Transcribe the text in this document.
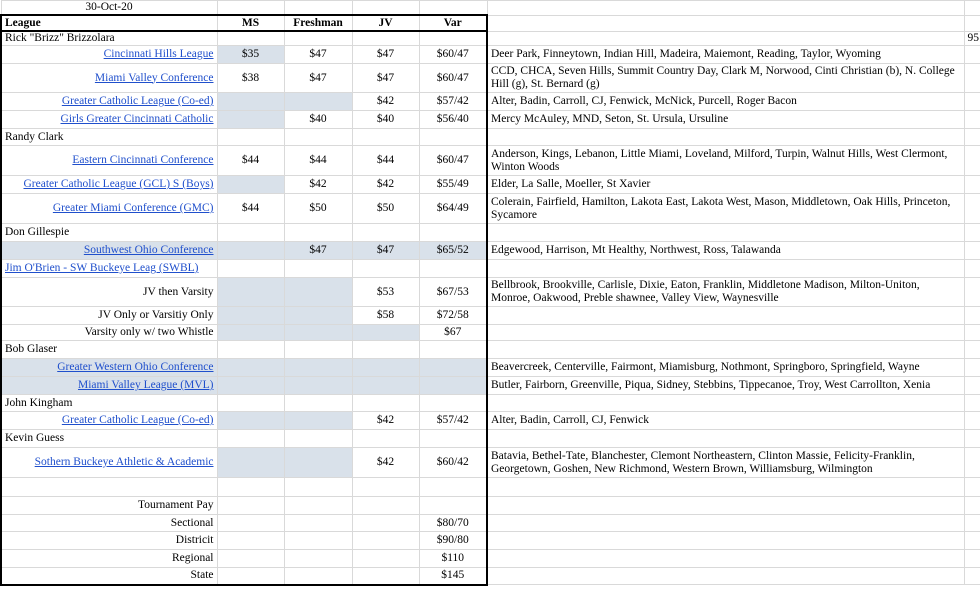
30-Oct-20						
League	MS	Freshman	JV	Var		
Rick "Brizz" Brizzolara						95
Cincinnati Hills League	$35	$47	$47	$60/47	Deer Park, Finneytown, Indian Hill, Madeira, Maiemont, Reading, Taylor, Wyoming	
Miami Valley Conference	$38	$47	$47	$60/47	CCD, CHCA, Seven Hills, Summit Country Day, Clark M, Norwood, Cinti Christian (b), N. College Hill (g), St. Bernard (g)	
Greater Catholic League (Co-ed)			$42	$57/42	Alter, Badin, Carroll, CJ, Fenwick, McNick, Purcell, Roger Bacon	
Girls Greater Cincinnati Catholic		$40	$40	$56/40	Mercy McAuley, MND, Seton, St. Ursula, Ursuline	
Randy Clark						
Eastern Cincinnati Conference	$44	$44	$44	$60/47	Anderson, Kings, Lebanon, Little Miami, Loveland, Milford, Turpin, Walnut Hills, West Clermont, Winton Woods	
Greater Catholic League (GCL) S (Boys)		$42	$42	$55/49	Elder, La Salle, Moeller, St Xavier	
Greater Miami Conference (GMC)	$44	$50	$50	$64/49	Colerain, Fairfield, Hamilton, Lakota East, Lakota West, Mason, Middletown, Oak Hills, Princeton, Sycamore	
Don Gillespie						
Southwest Ohio Conference		$47	$47	$65/52	Edgewood, Harrison, Mt Healthy, Northwest, Ross, Talawanda	
Jim O'Brien - SW Buckeye Leag (SWBL)						
JV then Varsity			$53	$67/53	Bellbrook, Brookville, Carlisle, Dixie, Eaton, Franklin, Middletone Madison, Milton-Uniton, Monroe, Oakwood, Preble shawnee, Valley View, Waynesville	
JV Only or Varsitiy Only			$58	$72/58		
Varsity only w/ two Whistle				$67		
Bob Glaser						
Greater Western Ohio Conference					Beavercreek, Centerville, Fairmont, Miamisburg, Nothmont, Springboro, Springfield, Wayne	
Miami Valley League (MVL)					Butler, Fairborn, Greenville, Piqua, Sidney, Stebbins, Tippecanoe, Troy, West Carrollton, Xenia	
John Kingham						
Greater Catholic League (Co-ed)			$42	$57/42	Alter, Badin, Carroll, CJ, Fenwick	
Kevin Guess						
Sothern Buckeye Athletic & Academic			$42	$60/42	Batavia, Bethel-Tate, Blanchester, Clemont Northeastern, Clinton Massie, Felicity-Franklin, Georgetown, Goshen, New Richmond, Western Brown, Williamsburg, Wilmington	

Tournament Pay						
Sectional				$80/70		
Districit				$90/80		
Regional				$110		
State				$145		
